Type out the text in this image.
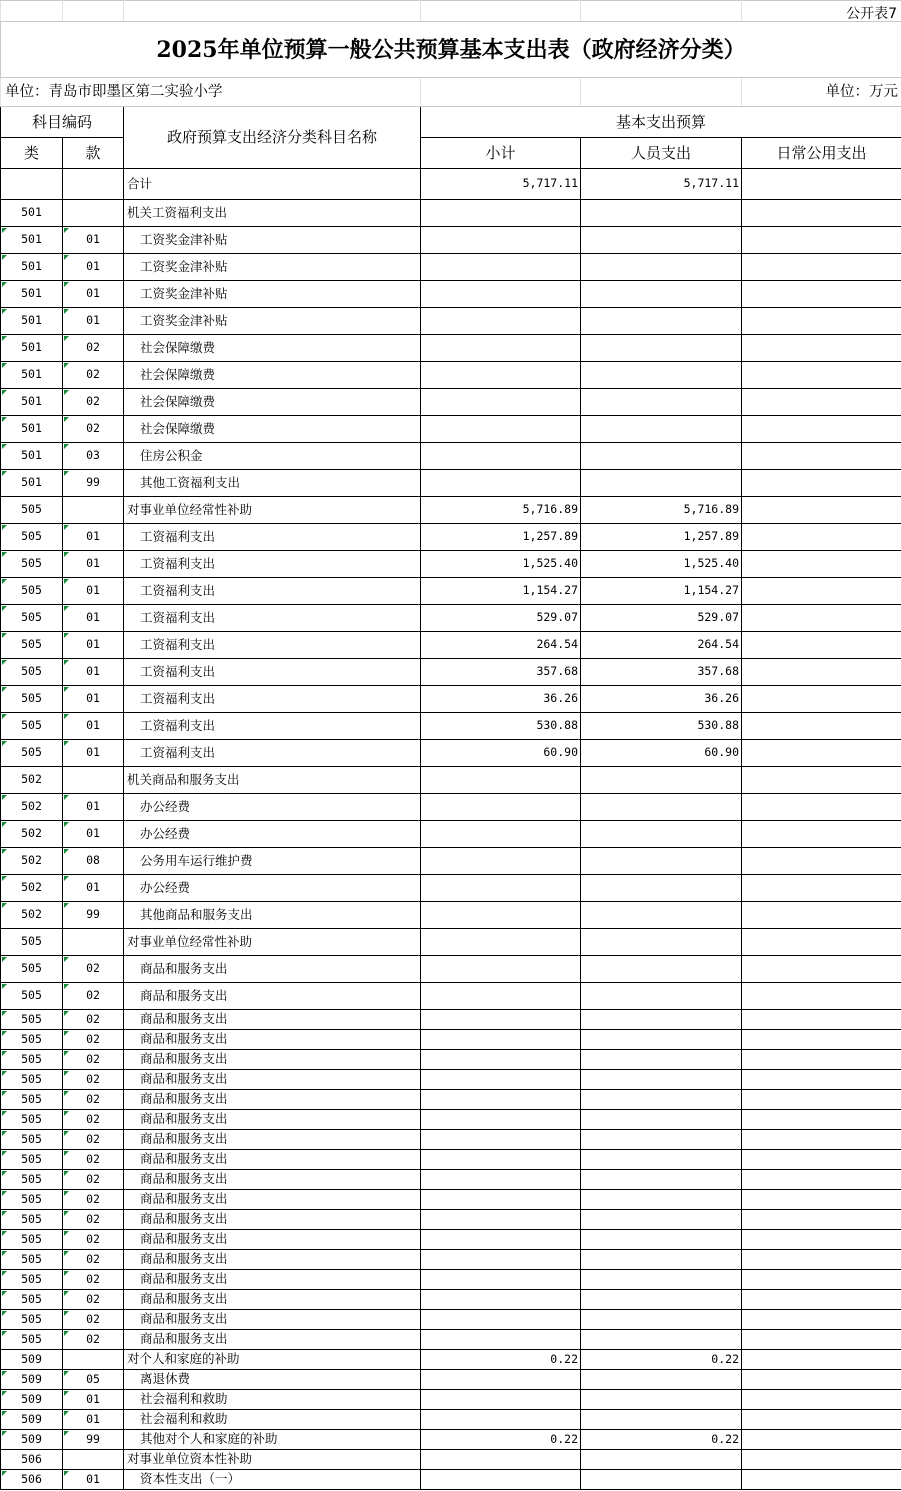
					公开表7
2025年单位预算一般公共预算基本支出表（政府经济分类）					
单位：青岛市即墨区第二实验小学					单位：万元
科目编码		政府预算支出经济分类科目名称	基本支出预算		
类	款		小计	人员支出	日常公用支出
		合计	5,717.11	5,717.11	
501		机关工资福利支出			
501	01	工资奖金津补贴			
501	01	工资奖金津补贴			
501	01	工资奖金津补贴			
501	01	工资奖金津补贴			
501	02	社会保障缴费			
501	02	社会保障缴费			
501	02	社会保障缴费			
501	02	社会保障缴费			
501	03	住房公积金			
501	99	其他工资福利支出			
505		对事业单位经常性补助	5,716.89	5,716.89	
505	01	工资福利支出	1,257.89	1,257.89	
505	01	工资福利支出	1,525.40	1,525.40	
505	01	工资福利支出	1,154.27	1,154.27	
505	01	工资福利支出	529.07	529.07	
505	01	工资福利支出	264.54	264.54	
505	01	工资福利支出	357.68	357.68	
505	01	工资福利支出	36.26	36.26	
505	01	工资福利支出	530.88	530.88	
505	01	工资福利支出	60.90	60.90	
502		机关商品和服务支出			
502	01	办公经费			
502	01	办公经费			
502	08	公务用车运行维护费			
502	01	办公经费			
502	99	其他商品和服务支出			
505		对事业单位经常性补助			
505	02	商品和服务支出			
505	02	商品和服务支出			
505	02	商品和服务支出			
505	02	商品和服务支出			
505	02	商品和服务支出			
505	02	商品和服务支出			
505	02	商品和服务支出			
505	02	商品和服务支出			
505	02	商品和服务支出			
505	02	商品和服务支出			
505	02	商品和服务支出			
505	02	商品和服务支出			
505	02	商品和服务支出			
505	02	商品和服务支出			
505	02	商品和服务支出			
505	02	商品和服务支出			
505	02	商品和服务支出			
505	02	商品和服务支出			
505	02	商品和服务支出			
509		对个人和家庭的补助	0.22	0.22	
509	05	离退休费			
509	01	社会福利和救助			
509	01	社会福利和救助			
509	99	其他对个人和家庭的补助	0.22	0.22	
506		对事业单位资本性补助			
506	01	资本性支出（一）			
